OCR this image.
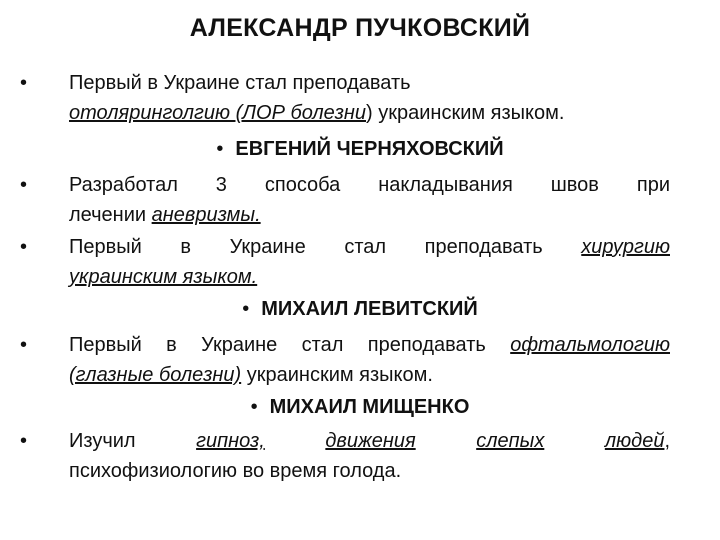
АЛЕКСАНДР ПУЧКОВСКИЙ
•	Первый в Украине стал преподавать
отоляринголгию (ЛОР болезни) украинским языком.
• ЕВГЕНИЙ ЧЕРНЯХОВСКИЙ
•	Разработал 3 способа накладывания швов при
лечении аневризмы.
•	Первый в Украине стал преподавать хирургию
украинским языком.
• МИХАИЛ ЛЕВИТСКИЙ
•	Первый в Украине стал преподавать офтальмологию
(глазные болезни) украинским языком.
• МИХАИЛ МИЩЕНКО
•	Изучил гипноз,	движения	слепых	людей,
психофизиологию во время голода.
